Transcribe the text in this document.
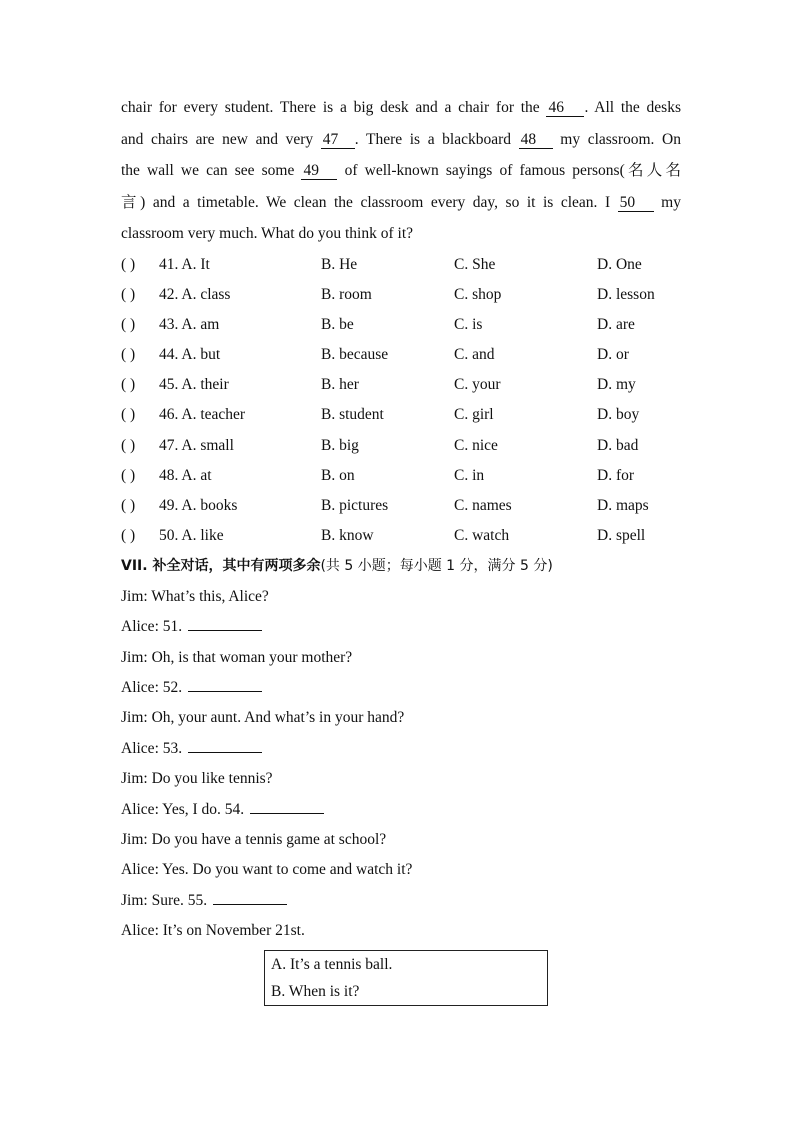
chair for every student. There is a big desk and a chair for the 46 . All the desks
and chairs are new and very 47 . There is a blackboard 48 my classroom. On
the wall we can see some 49 of well-known sayings of famous persons(名人名
言) and a timetable. We clean the classroom every day, so it is clean. I 50 my
classroom very much. What do you think of it?
( ) 41. A. It	B. He	C. She	D. One
( ) 42. A. class	B. room	C. shop	D. lesson
( ) 43. A. am	B. be	C. is	D. are
( ) 44. A. but	B. because	C. and	D. or
( ) 45. A. their	B. her	C. your	D. my
( ) 46. A. teacher	B. student	C. girl	D. boy
( ) 47. A. small	B. big	C. nice	D. bad
( ) 48. A. at	B. on	C. in	D. for
( ) 49. A. books	B. pictures	C. names	D. maps
( ) 50. A. like	B. know	C. watch	D. spell
VII. 补全对话，其中有两项多余(共 5 小题；每小题 1 分，满分 5 分)
Jim: What’s this, Alice?
Alice: 51.
Jim: Oh, is that woman your mother?
Alice: 52.
Jim: Oh, your aunt. And what’s in your hand?
Alice: 53.
Jim: Do you like tennis?
Alice: Yes, I do. 54.
Jim: Do you have a tennis game at school?
Alice: Yes. Do you want to come and watch it?
Jim: Sure. 55.
Alice: It’s on November 21st.
A. It’s a tennis ball.
B. When is it?
